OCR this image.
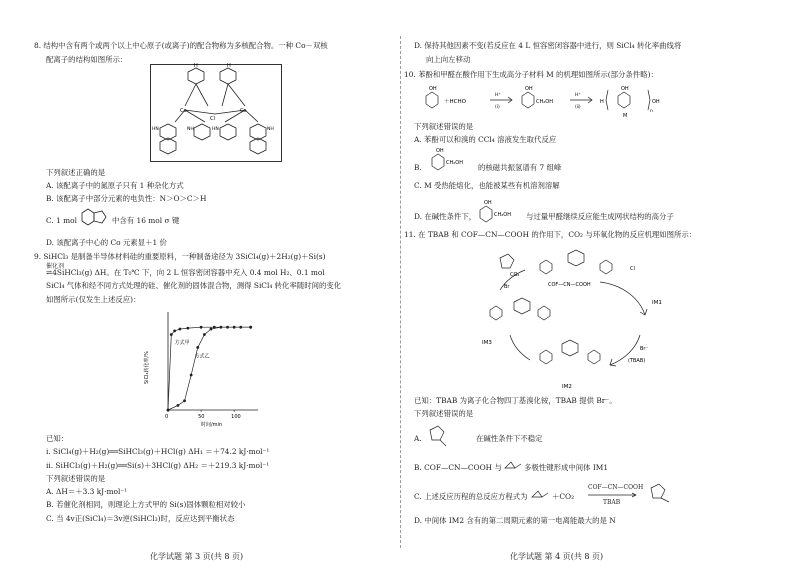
8. 结构中含有两个或两个以上中心原子(或离子)的配合物称为多核配合物。一种 Co－双核
配离子的结构如图所示：
H	H
Co	Co
Cl
HN	HN
NH	NH
下列叙述正确的是
A. 该配离子中的氮原子只有 1 种杂化方式
B. 该配离子中部分元素的电负性：N＞O＞C＞H
C. 1 mol	中含有 16 mol σ 键
D. 该配离子中心的 Co 元素显＋1 价
9. SiHCl₃ 是制备半导体材料硅的重要原料，一种制备途径为 3SiCl₄(g)＋2H₂(g)＋Si(s)
催化剂
⇌4SiHCl₃(g) ΔH。在 T₀℃ 下，向 2 L 恒容密闭容器中充入 0.4 mol H₂、0.1 mol
SiCl₄ 气体和经不同方式处理的硅、催化剂的固体混合物，测得 SiCl₄ 转化率随时间的变化
如图所示(仅发生上述反应)：
时间/min
SiCl₄转化率/%
0	50	100
方式甲
方式乙
已知：
ⅰ. SiCl₄(g)＋H₂(g)══SiHCl₃(g)＋HCl(g) ΔH₁ ＝＋74.2 kJ·mol⁻¹
ⅱ. SiHCl₃(g)＋H₂(g)══Si(s)＋3HCl(g) ΔH₂ ＝＋219.3 kJ·mol⁻¹
下列叙述错误的是
A. ΔH＝＋3.3 kJ·mol⁻¹
B. 若催化剂相同，则理论上方式甲的 Si(s)固体颗粒相对较小
C. 当 4v正(SiCl₄)＝3v逆(SiHCl₃)时，反应达到平衡状态
化学试题 第 3 页(共 8 页)
D. 保持其他因素不变(若反应在 4 L 恒容密闭容器中进行，则 SiCl₄ 转化率曲线将
向上向左移动
10. 苯酚和甲醛在酸作用下生成高分子材料 M 的机理如图所示(部分条件略)：
OH
＋HCHO
H⁺
(ⅰ)
OH
CH₂OH
H⁺
(ⅱ)
H
OH
OH
n
M
下列叙述错误的是
A. 苯酚可以和溴的 CCl₄ 溶液发生取代反应
B.
OH
CH₂OH 的核磁共振氢谱有 7 组峰
C. M 受热能熔化，也能被某些有机溶剂溶解
D. 在碱性条件下，
OH
CH₂OH 与过量甲醛继续反应能生成网状结构的高分子
11. 在 TBAB 和 COF—CN—COOH 的作用下，CO₂ 与环氧化物的反应机理如图所示：
COF—CN—COOH
IM1
IM2
IM3
(TBAB)
Br⁻
Br
Cl
CO₂
已知：TBAB 为离子化合物四丁基溴化铵，TBAB 提供 Br⁻。
下列叙述错误的是
A.	在碱性条件下不稳定
B. COF—CN—COOH 与	多极性键形成中间体 IM1
C. 上述反应历程的总反应方程式为	＋CO₂
COF—CN—COOH
TBAB
D. 中间体 IM2 含有的第二周期元素的第一电离能最大的是 N
化学试题 第 4 页(共 8 页)
